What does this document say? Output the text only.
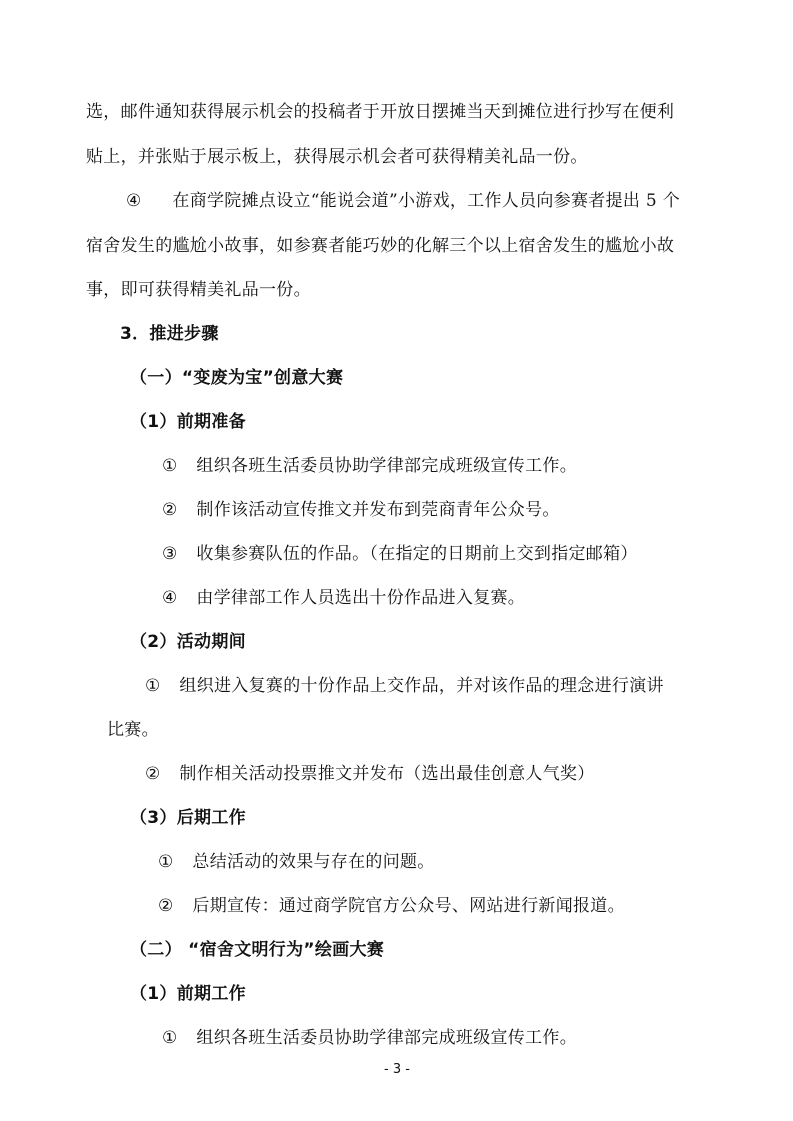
选，邮件通知获得展示机会的投稿者于开放日摆摊当天到摊位进行抄写在便利
贴上，并张贴于展示板上，获得展示机会者可获得精美礼品一份。
④ 在商学院摊点设立“能说会道”小游戏，工作人员向参赛者提出 5 个
宿舍发生的尴尬小故事，如参赛者能巧妙的化解三个以上宿舍发生的尴尬小故
事，即可获得精美礼品一份。
3．推进步骤
（一）“变废为宝”创意大赛
（1）前期准备
① 组织各班生活委员协助学律部完成班级宣传工作。
② 制作该活动宣传推文并发布到莞商青年公众号。
③ 收集参赛队伍的作品。（在指定的日期前上交到指定邮箱）
④ 由学律部工作人员选出十份作品进入复赛。
（2）活动期间
① 组织进入复赛的十份作品上交作品，并对该作品的理念进行演讲
比赛。
② 制作相关活动投票推文并发布（选出最佳创意人气奖）
（3）后期工作
① 总结活动的效果与存在的问题。
② 后期宣传：通过商学院官方公众号、网站进行新闻报道。
（二） “宿舍文明行为”绘画大赛
（1）前期工作
① 组织各班生活委员协助学律部完成班级宣传工作。
- 3 -
